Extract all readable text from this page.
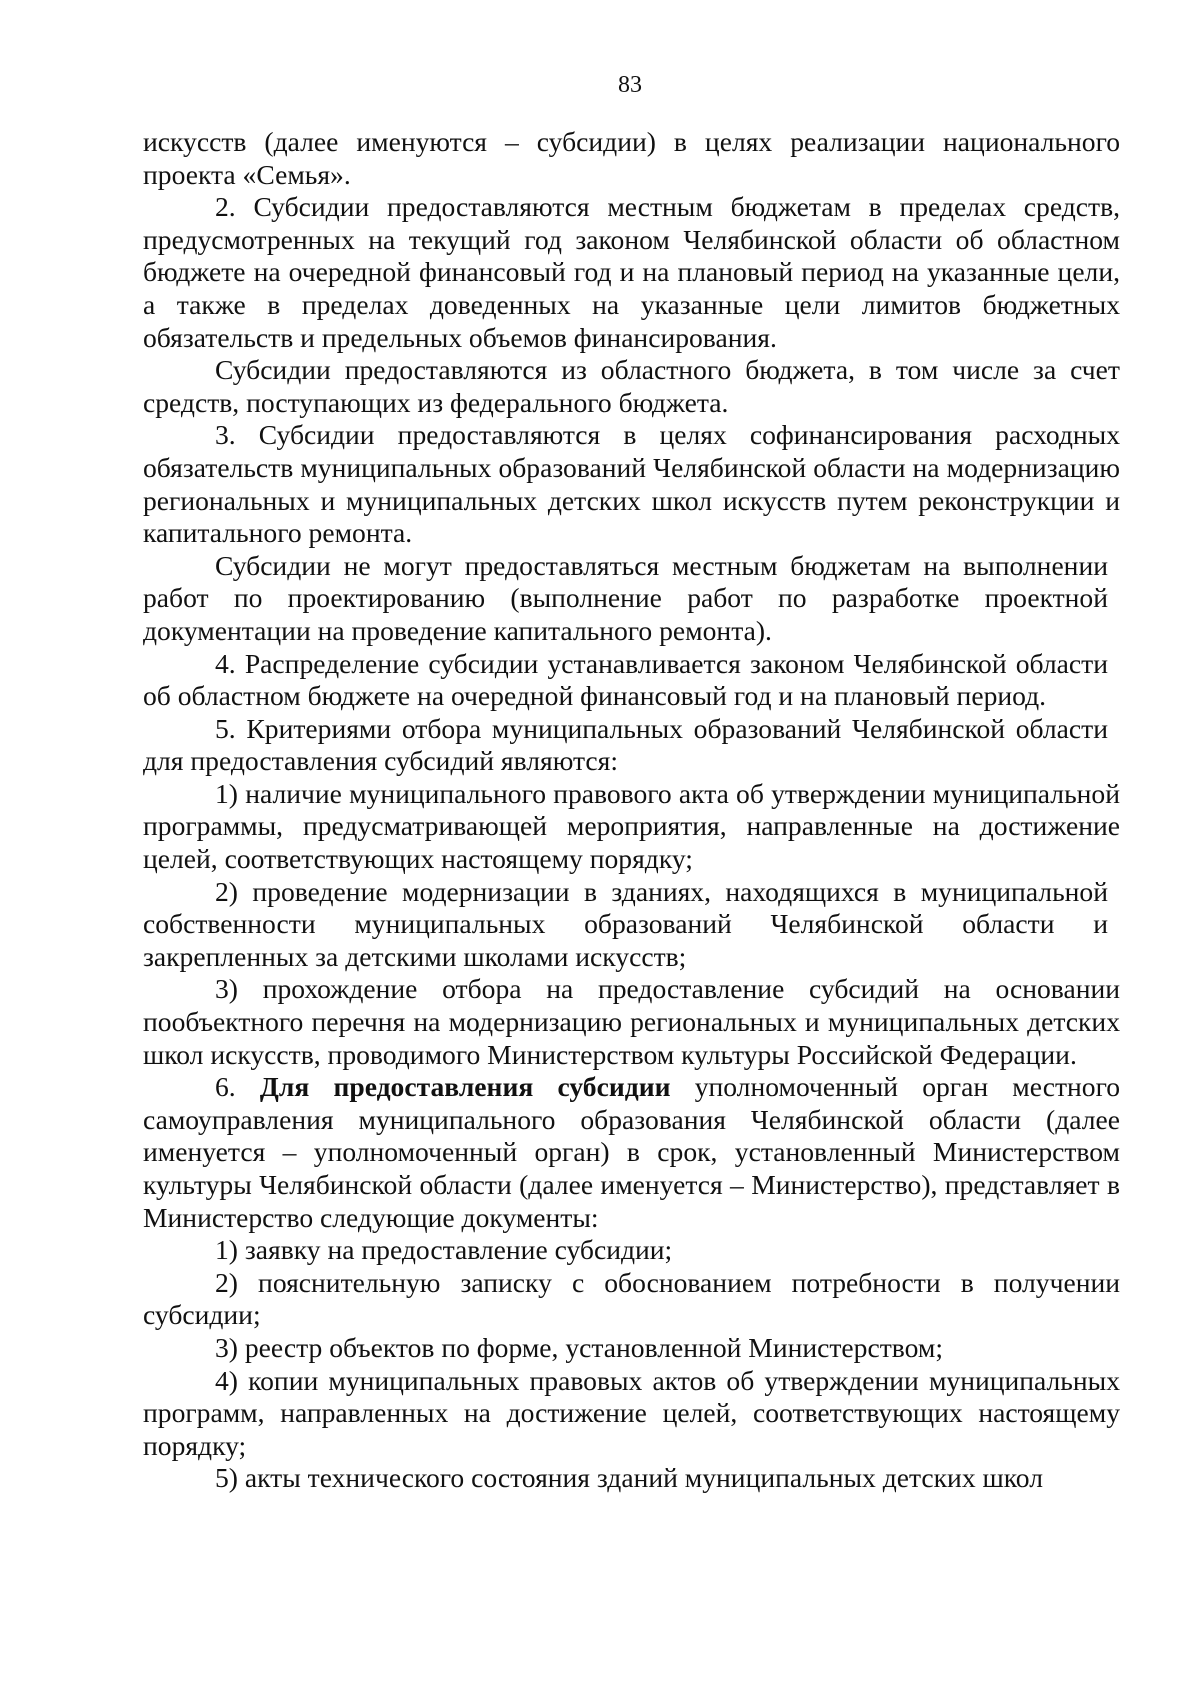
83

искусств (далее именуются – субсидии) в целях реализации национального проекта «Семья».

2. Субсидии предоставляются местным бюджетам в пределах средств, предусмотренных на текущий год законом Челябинской области об областном бюджете на очередной финансовый год и на плановый период на указанные цели, а также в пределах доведенных на указанные цели лимитов бюджетных обязательств и предельных объемов финансирования.

Субсидии предоставляются из областного бюджета, в том числе за счет средств, поступающих из федерального бюджета.

3. Субсидии предоставляются в целях софинансирования расходных обязательств муниципальных образований Челябинской области на модернизацию региональных и муниципальных детских школ искусств путем реконструкции и капитального ремонта.

Субсидии не могут предоставляться местным бюджетам на выполнении работ по проектированию (выполнение работ по разработке проектной документации на проведение капитального ремонта).

4. Распределение субсидии устанавливается законом Челябинской области об областном бюджете на очередной финансовый год и на плановый период.

5. Критериями отбора муниципальных образований Челябинской области для предоставления субсидий являются:

1) наличие муниципального правового акта об утверждении муниципальной программы, предусматривающей мероприятия, направленные на достижение целей, соответствующих настоящему порядку;

2) проведение модернизации в зданиях, находящихся в муниципальной собственности муниципальных образований Челябинской области и закрепленных за детскими школами искусств;

3) прохождение отбора на предоставление субсидий на основании пообъектного перечня на модернизацию региональных и муниципальных детских школ искусств, проводимого Министерством культуры Российской Федерации.

6. Для предоставления субсидии уполномоченный орган местного самоуправления муниципального образования Челябинской области (далее именуется – уполномоченный орган) в срок, установленный Министерством культуры Челябинской области (далее именуется – Министерство), представляет в Министерство следующие документы:

1) заявку на предоставление субсидии;

2) пояснительную записку с обоснованием потребности в получении субсидии;

3) реестр объектов по форме, установленной Министерством;

4) копии муниципальных правовых актов об утверждении муниципальных программ, направленных на достижение целей, соответствующих настоящему порядку;

5) акты технического состояния зданий муниципальных детских школ
